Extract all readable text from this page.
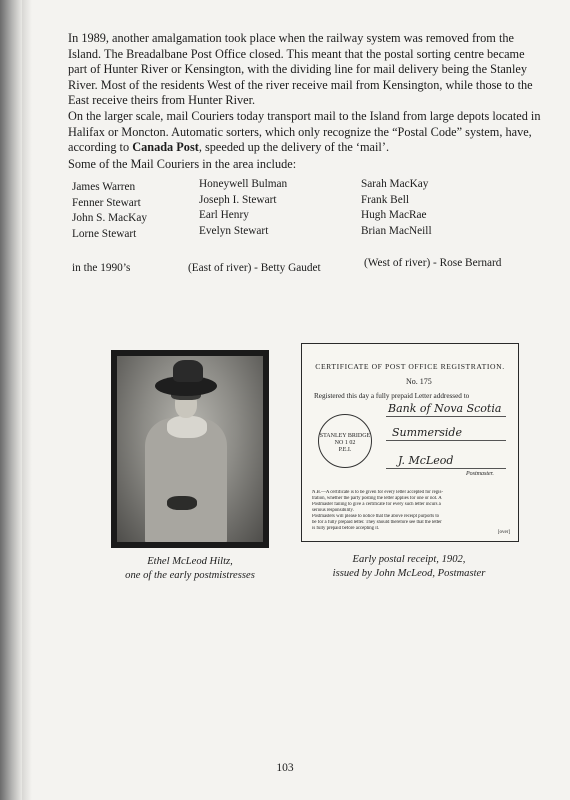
In 1989, another amalgamation took place when the railway system was removed from the Island. The Breadalbane Post Office closed. This meant that the postal sorting centre became part of Hunter River or Kensington, with the dividing line for mail delivery being the Stanley River. Most of the residents West of the river receive mail from Kensington, while those to the East receive theirs from Hunter River.

On the larger scale, mail Couriers today transport mail to the Island from large depots located in Halifax or Moncton. Automatic sorters, which only recognize the “Postal Code” system, have, according to Canada Post, speeded up the delivery of the ‘mail’.

Some of the Mail Couriers in the area include:

James Warren
Fenner Stewart
John S. MacKay
Lorne Stewart
Honeywell Bulman
Joseph I. Stewart
Earl Henry
Evelyn Stewart
Sarah MacKay
Frank Bell
Hugh MacRae
Brian MacNeill
in the 1990’s	(East of river) - Betty Gaudet	(West of river) - Rose Bernard
CERTIFICATE OF POST OFFICE REGISTRATION.
No. 175
Registered this day a fully prepaid Letter addressed to
STANLEY BRIDGE
NO 1 02
P.E.I.
Bank of Nova Scotia
Summerside
J. McLeod
Postmaster.
N.B.—A certificate is to be given for every letter accepted for regis-
tration, whether the party posting the letter applies for one or not. A
Postmaster failing to give a certificate for every such letter incurs a
serious responsibility.
Postmasters will please to notice that the above receipt purports to
be for a fully prepaid letter. They should therefore see that the letter
is fully prepaid before accepting it.
[over]
Ethel McLeod Hiltz,
one of the early postmistresses
Early postal receipt, 1902,
issued by John McLeod, Postmaster
103
